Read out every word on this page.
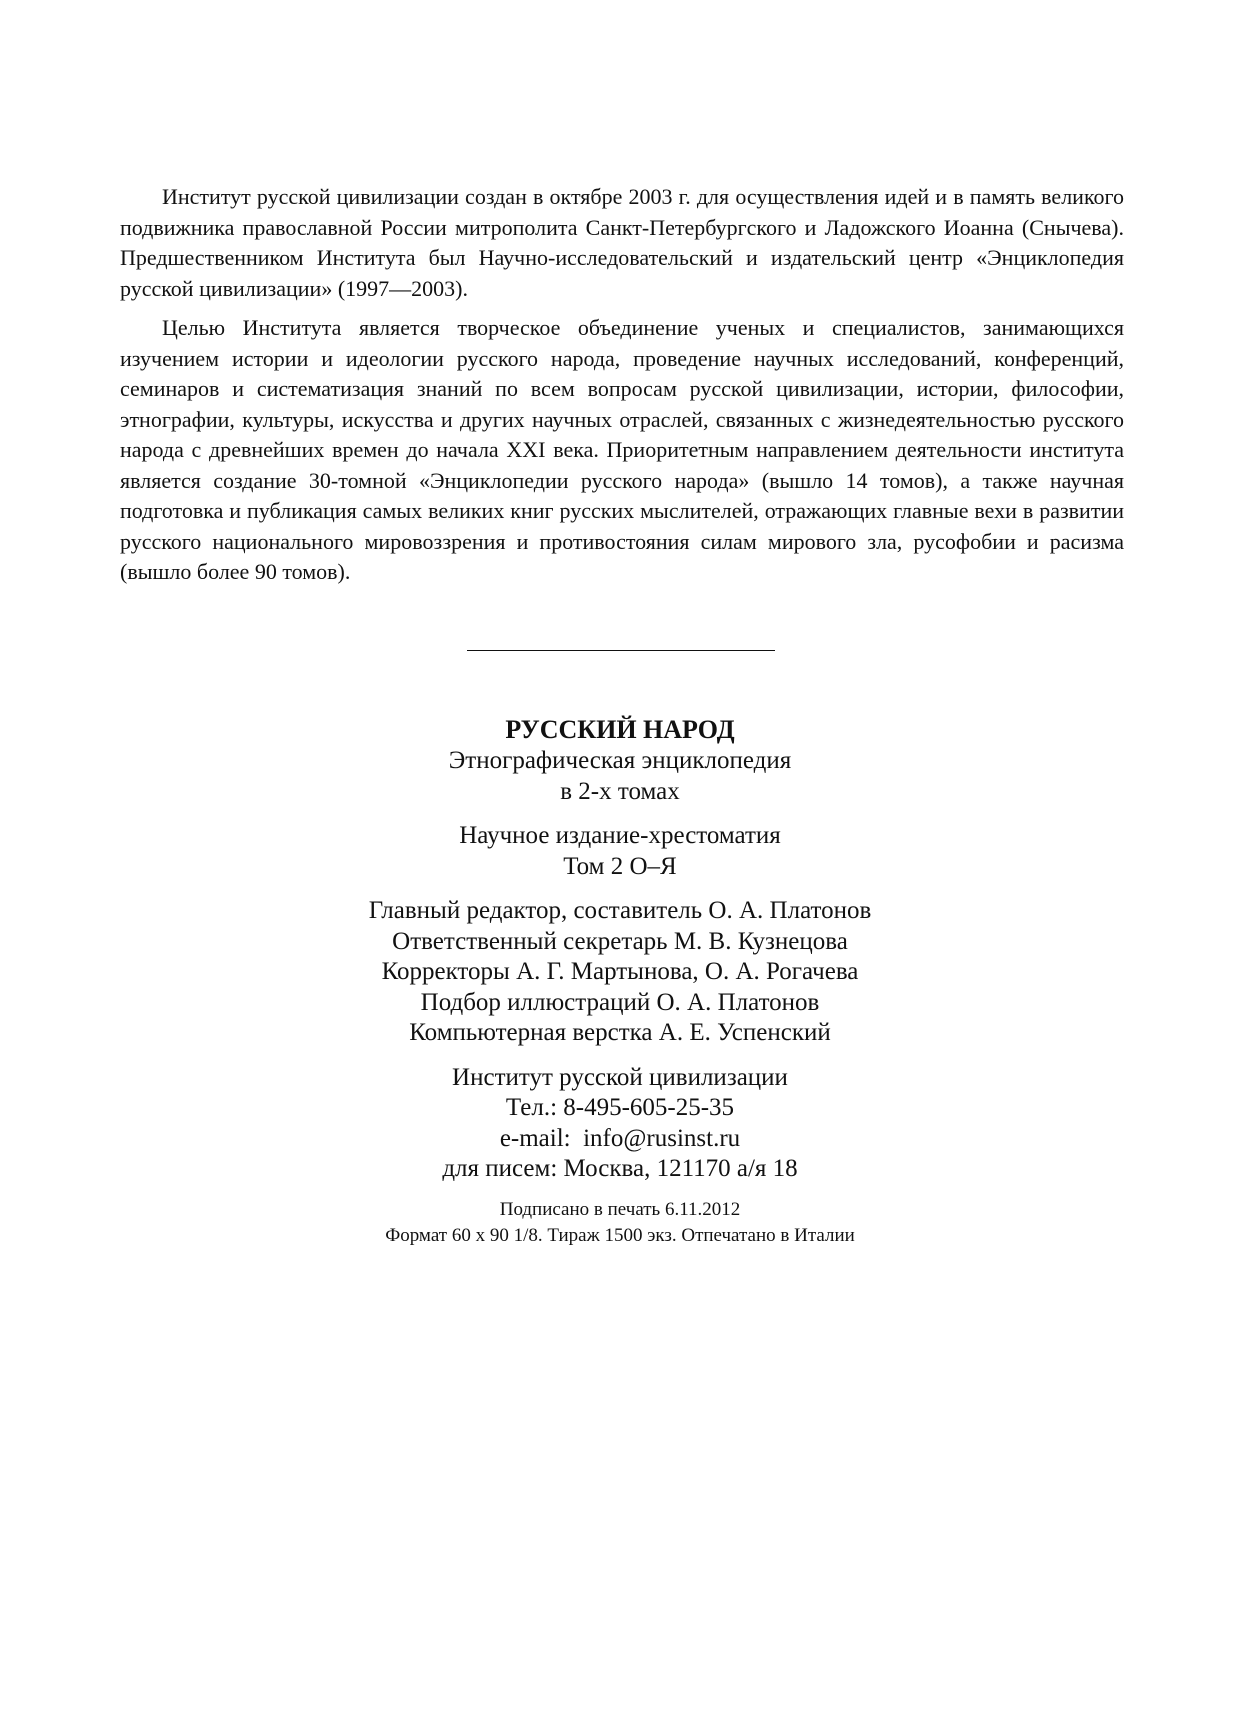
Институт русской цивилизации создан в октябре 2003 г. для осуществления идей и в память великого подвижника православной России митрополита Санкт-Петербургского и Ладожского Иоанна (Снычева). Предшественником Института был Научно-исследовательский и издательский центр «Энциклопедия русской цивилизации» (1997—2003).

Целью Института является творческое объединение ученых и специалистов, занимающихся изучением истории и идеологии русского народа, проведение научных исследований, конференций, семинаров и систематизация знаний по всем вопросам русской цивилизации, истории, философии, этнографии, культуры, искусства и других научных отраслей, связанных с жизнедеятельностью русского народа с древнейших времен до начала XXI века. Приоритетным направлением деятельности института является создание 30-томной «Энциклопедии русского народа» (вышло 14 томов), а также научная подготовка и публикация самых великих книг русских мыслителей, отражающих главные вехи в развитии русского национального мировоззрения и противостояния силам мирового зла, русофобии и расизма (вышло более 90 томов).

РУССКИЙ НАРОД

Этнографическая энциклопедия

в 2-х томах

Научное издание-хрестоматия

Том 2 О–Я

Главный редактор, составитель О. А. Платонов

Ответственный секретарь М. В. Кузнецова

Корректоры А. Г. Мартынова, О. А. Рогачева

Подбор иллюстраций О. А. Платонов

Компьютерная верстка А. Е. Успенский

Институт русской цивилизации

Тел.: 8-495-605-25-35

e-mail:  info@rusinst.ru

для писем: Москва, 121170 а/я 18

Подписано в печать 6.11.2012

Формат 60 х 90 1/8. Тираж 1500 экз. Отпечатано в Италии
